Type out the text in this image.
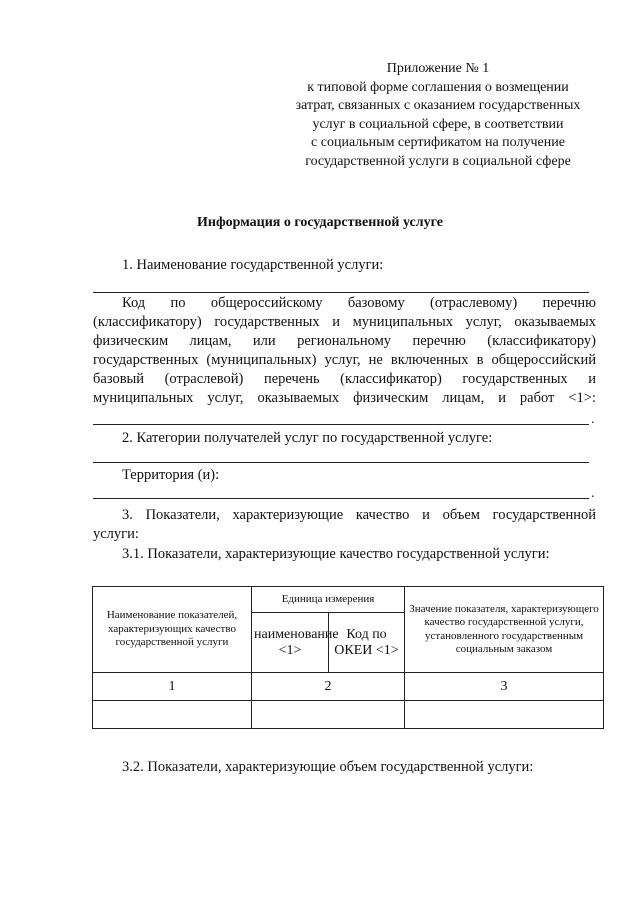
Приложение № 1
к типовой форме соглашения о возмещении
затрат, связанных с оказанием государственных
услуг в социальной сфере, в соответствии
с социальным сертификатом на получение
государственной услуги в социальной сфере
Информация о государственной услуге
1. Наименование государственной услуги:
Код по общероссийскому базовому (отраслевому) перечню
(классификатору) государственных и муниципальных услуг, оказываемых
физическим лицам, или региональному перечню (классификатору)
государственных (муниципальных) услуг, не включенных в общероссийский
базовый (отраслевой) перечень (классификатор) государственных и
муниципальных услуг, оказываемых физическим лицам, и работ <1>:
.
2. Категории получателей услуг по государственной услуге:
Территория (и):
.
3. Показатели, характеризующие качество и объем государственной
услуги:
3.1. Показатели, характеризующие качество государственной услуги:
Наименование показателей, характеризующих качество государственной услуги	Единица измерения		Значение показателя, характеризующего качество государственной услуги, установленного государственным социальным заказом
	наименование <1>	Код по ОКЕИ <1>	
1	2		3

3.2. Показатели, характеризующие объем государственной услуги:
